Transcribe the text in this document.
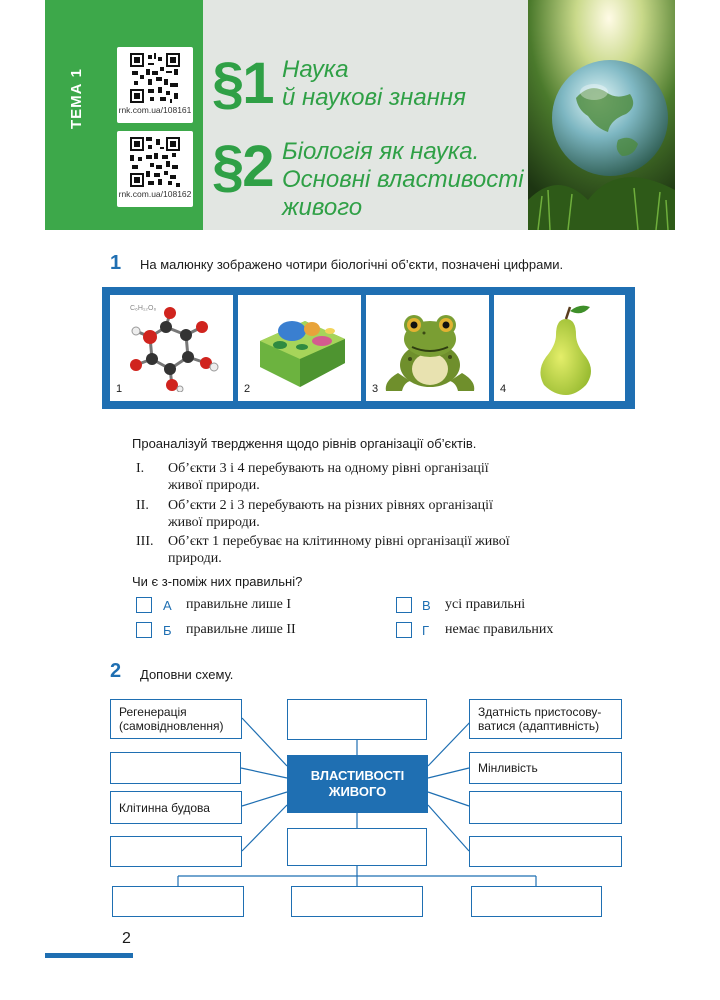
ТЕМА 1	rnk.com.ua/108161
rnk.com.ua/108162
§1 Наука
й наукові знання
§2 Біологія як наука.
Основні властивості
живого
1 На малюнку зображено чотири біологічні об’єкти, позначені цифрами.
С₆Н₁₂О₆
1	2	3	4
Проаналізуй твердження щодо рівнів організації об’єктів.
I. Об’єкти 3 і 4 перебувають на одному рівні організації
живої природи.
II. Об’єкти 2 і 3 перебувають на різних рівнях організації
живої природи.
III. Об’єкт 1 перебуває на клітинному рівні організації живої
природи.
Чи є з-поміж них правильні?
А правильне лише I
Б правильне лише II
В усі правильні
Г немає правильних
2 Доповни схему.
Регенерація
(самовідновлення)
Клітинна будова
ВЛАСТИВОСТІ
ЖИВОГО
Здатність пристосову-
ватися (адаптивність)
Мінливість
2
